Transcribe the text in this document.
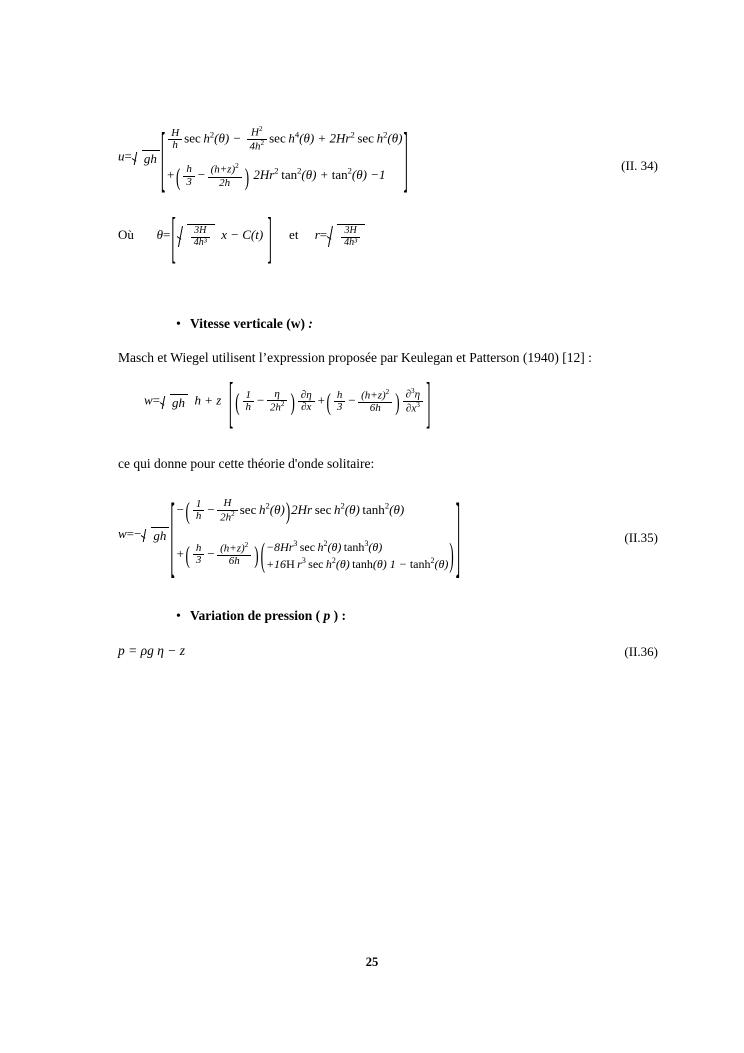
u= gh [ $\frac{H}{h}$ $\sec h^2(\theta) - \frac{H^2}{4h^2}$ $\sec h^4(\theta) + 2Hr^2$  $\sec h^2(\theta)$
+( $\frac{h}{3} - \frac{(h+z)^2}{2h}$ ) 2Hr$^2$  $\tan^2(\theta) + \tan^2(\theta) -1$	]	(II. 34)
Où $\theta=[ \frac{3H}{\text{4h³}}$ x − C(t) ] et $r= \frac{3H}{\text{4h³}}$
• Vitesse verticale (w) :

Masch et Wiegel utilisent l’expression proposée par Keulegan et Patterson (1940) [12] :

w= gh h + z [ ( $\frac{1}{h} - \frac{\eta}{2h^2}$ ) $\frac{\partial\eta}{\partial x}$ +( $\frac{h}{3} - \frac{(h+z)^2}{6h}$ ) $\frac{\partial^3\eta}{\partial x^3}$ ]

ce qui donne pour cette théorie d'onde solitaire:

w=− gh [ −( $\frac{1}{h} - \frac{H}{2h^2}$ $\sec h^2(\theta))2Hr$  $\sec h^2(\theta)$ $\tanh^2(\theta)$
+( $\frac{h}{3} - \frac{(h+z)^2}{6h}$ ) ( $-8Hr^3$  $\sec h^2(\theta)$ $\tanh^3(\theta)$
+16H  $r^3$  $\sec h^2(\theta)$ tanh(θ) $1 - \tanh^2(\theta)$ ) ]	(II.35)
• Variation de pression ( p ) :
p = ρg η − z	(II.36)
25
